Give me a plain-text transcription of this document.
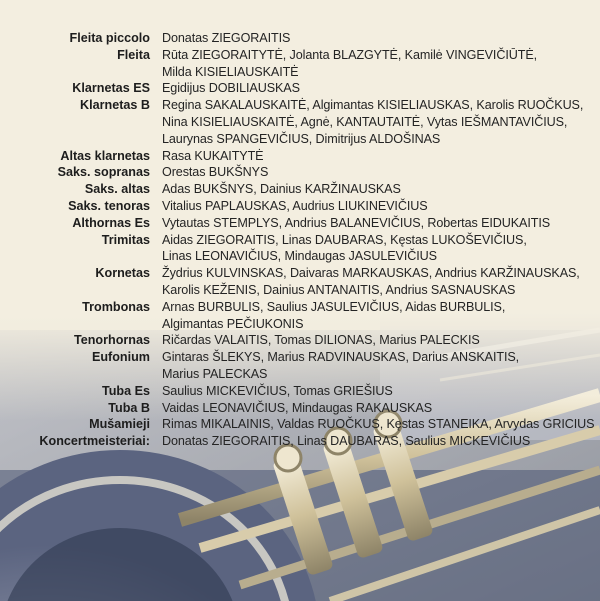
Fleita piccolo Donatas ZIEGORAITIS
Fleita Rūta ZIEGORAITYTĖ, Jolanta BLAZGYTĖ, Kamilė VINGEVIČIŪTĖ,
Milda KISIELIAUSKAITĖ
Klarnetas ES Egidijus DOBILIAUSKAS
Klarnetas B Regina SAKALAUSKAITĖ, Algimantas KISIELIAUSKAS, Karolis RUOČKUS,
Nina KISIELIAUSKAITĖ, Agnė, KANTAUTAITĖ, Vytas IEŠMANTAVIČIUS,
Laurynas SPANGEVIČIUS, Dimitrijus ALDOŠINAS
Altas klarnetas Rasa KUKAITYTĖ
Saks. sopranas Orestas BUKŠNYS
Saks. altas Adas BUKŠNYS, Dainius KARŽINAUSKAS
Saks. tenoras Vitalius PAPLAUSKAS, Audrius LIUKINEVIČIUS
Althornas Es Vytautas STEMPLYS, Andrius BALANEVIČIUS, Robertas EIDUKAITIS
Trimitas Aidas ZIEGORAITIS, Linas DAUBARAS, Kęstas LUKOŠEVIČIUS,
Linas LEONAVIČIUS, Mindaugas JASULEVIČIUS
Kornetas Žydrius KULVINSKAS, Daivaras MARKAUSKAS, Andrius KARŽINAUSKAS,
Karolis KEŽENIS, Dainius ANTANAITIS, Andrius SASNAUSKAS
Trombonas Arnas BURBULIS, Saulius JASULEVIČIUS, Aidas BURBULIS,
Algimantas PEČIUKONIS
Tenorhornas Ričardas VALAITIS, Tomas DILIONAS, Marius PALECKIS
Eufonium Gintaras ŠLEKYS, Marius RADVINAUSKAS, Darius ANSKAITIS,
Marius PALECKAS
Tuba Es Saulius MICKEVIČIUS, Tomas GRIEŠIUS
Tuba B Vaidas LEONAVIČIUS, Mindaugas RAKAUSKAS
Mušamieji Rimas MIKALAINIS, Valdas RUOČKUS, Kęstas STANEIKA, Arvydas GRICIUS
Koncertmeisteriai: Donatas ZIEGORAITIS, Linas DAUBARAS, Saulius MICKEVIČIUS
